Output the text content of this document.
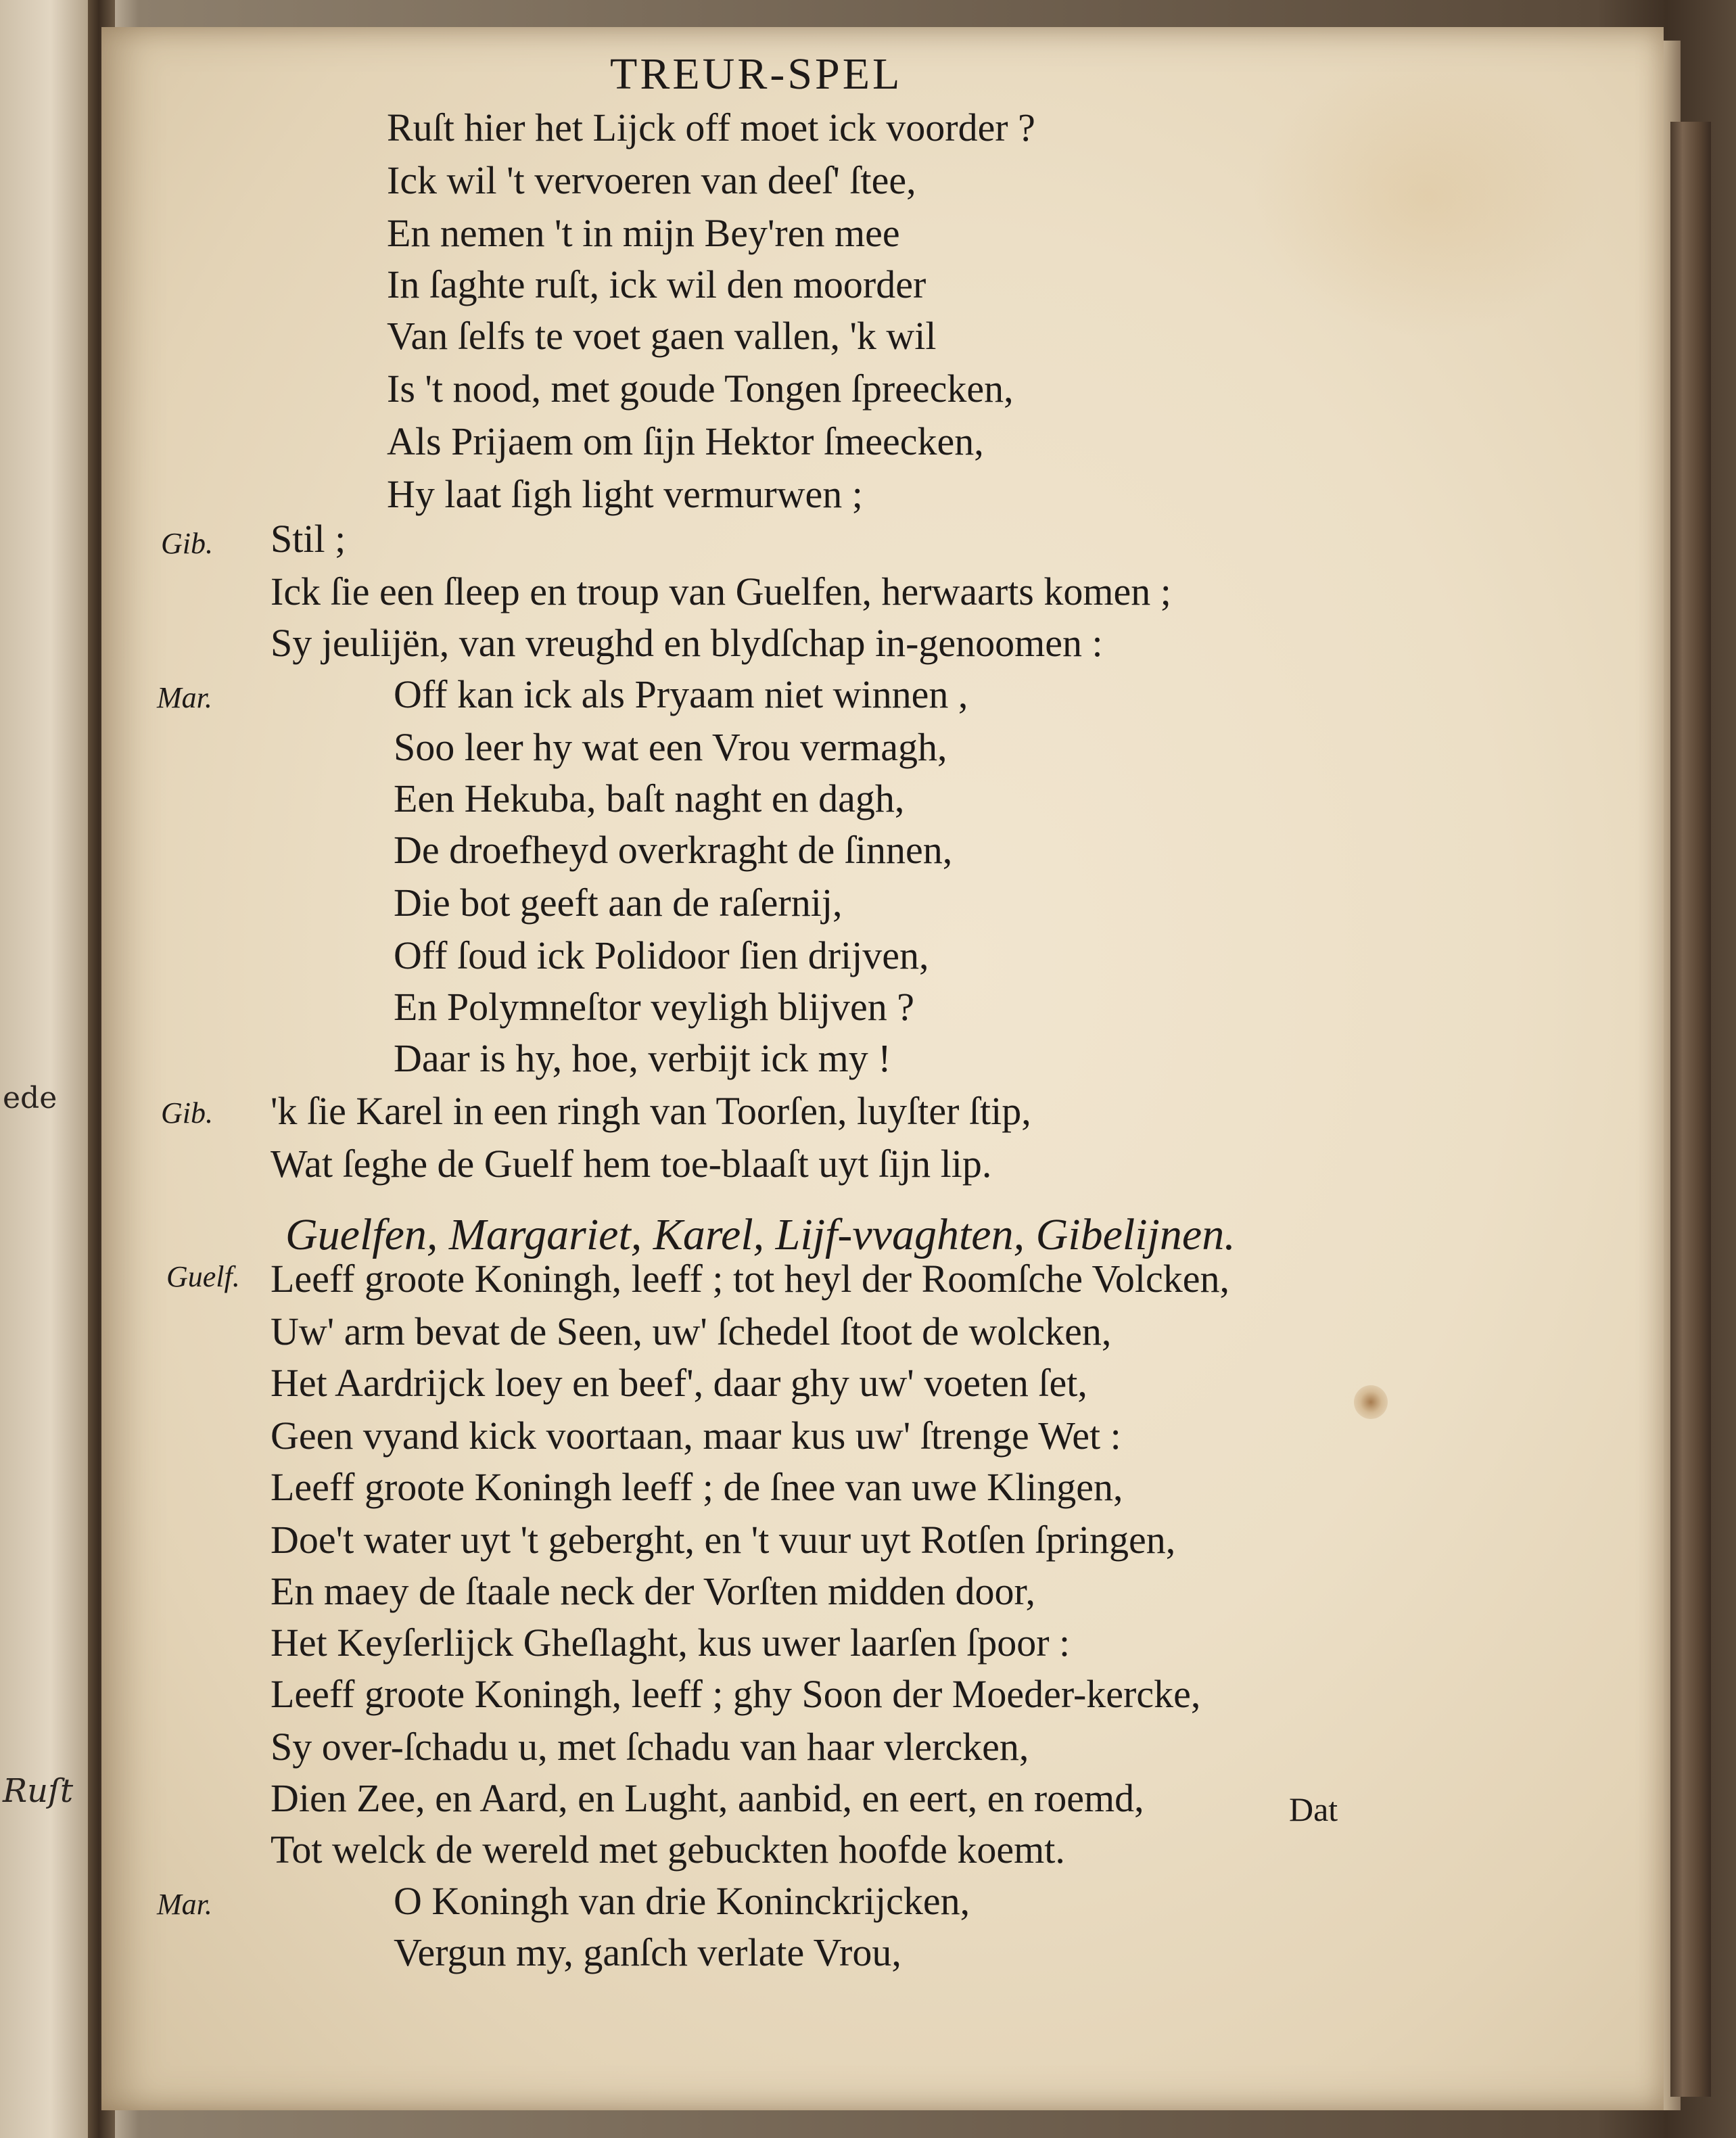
ede
Ruſt
TREUR-SPEL
Ruſt hier het Lijck off moet ick voorder ?
Ick wil 't vervoeren van deeſ' ſtee,
En nemen 't in mijn Bey'ren mee
In ſaghte ruſt, ick wil den moorder
Van ſelfs te voet gaen vallen, 'k wil
Is 't nood, met goude Tongen ſpreecken,
Als Prijaem om ſijn Hektor ſmeecken,
Hy laat ſigh light vermurwen ;
Gib. Stil ;
Ick ſie een ſleep en troup van Guelfen, herwaarts komen ;
Sy jeulijën, van vreughd en blydſchap in-genoomen :
Mar.	Off kan ick als Pryaam niet winnen ,
Soo leer hy wat een Vrou vermagh,
Een Hekuba, baſt naght en dagh,
De droefheyd overkraght de ſinnen,
Die bot geeft aan de raſernij,
Off ſoud ick Polidoor ſien drijven,
En Polymneſtor veyligh blijven ?
Daar is hy, hoe, verbijt ick my !
Gib. 'k ſie Karel in een ringh van Toorſen, luyſter ſtip,
Wat ſeghe de Guelf hem toe-blaaſt uyt ſijn lip.
Guelfen, Margariet, Karel, Lijf-vvaghten, Gibelijnen.
Guelf. Leeff groote Koningh, leeff ; tot heyl der Roomſche Volcken,
Uw' arm bevat de Seen, uw' ſchedel ſtoot de wolcken,
Het Aardrijck loey en beef', daar ghy uw' voeten ſet,
Geen vyand kick voortaan, maar kus uw' ſtrenge Wet :
Leeff groote Koningh leeff ; de ſnee van uwe Klingen,
Doe't water uyt 't geberght, en 't vuur uyt Rotſen ſpringen,
En maey de ſtaale neck der Vorſten midden door,
Het Keyſerlijck Gheſlaght, kus uwer laarſen ſpoor :
Leeff groote Koningh, leeff ; ghy Soon der Moeder-kercke,
Sy over-ſchadu u, met ſchadu van haar vlercken,
Dien Zee, en Aard, en Lught, aanbid, en eert, en roemd,
Tot welck de wereld met gebuckten hoofde koemt.
Mar.	O Koningh van drie Koninckrijcken,
Vergun my, ganſch verlate Vrou,
Dat
